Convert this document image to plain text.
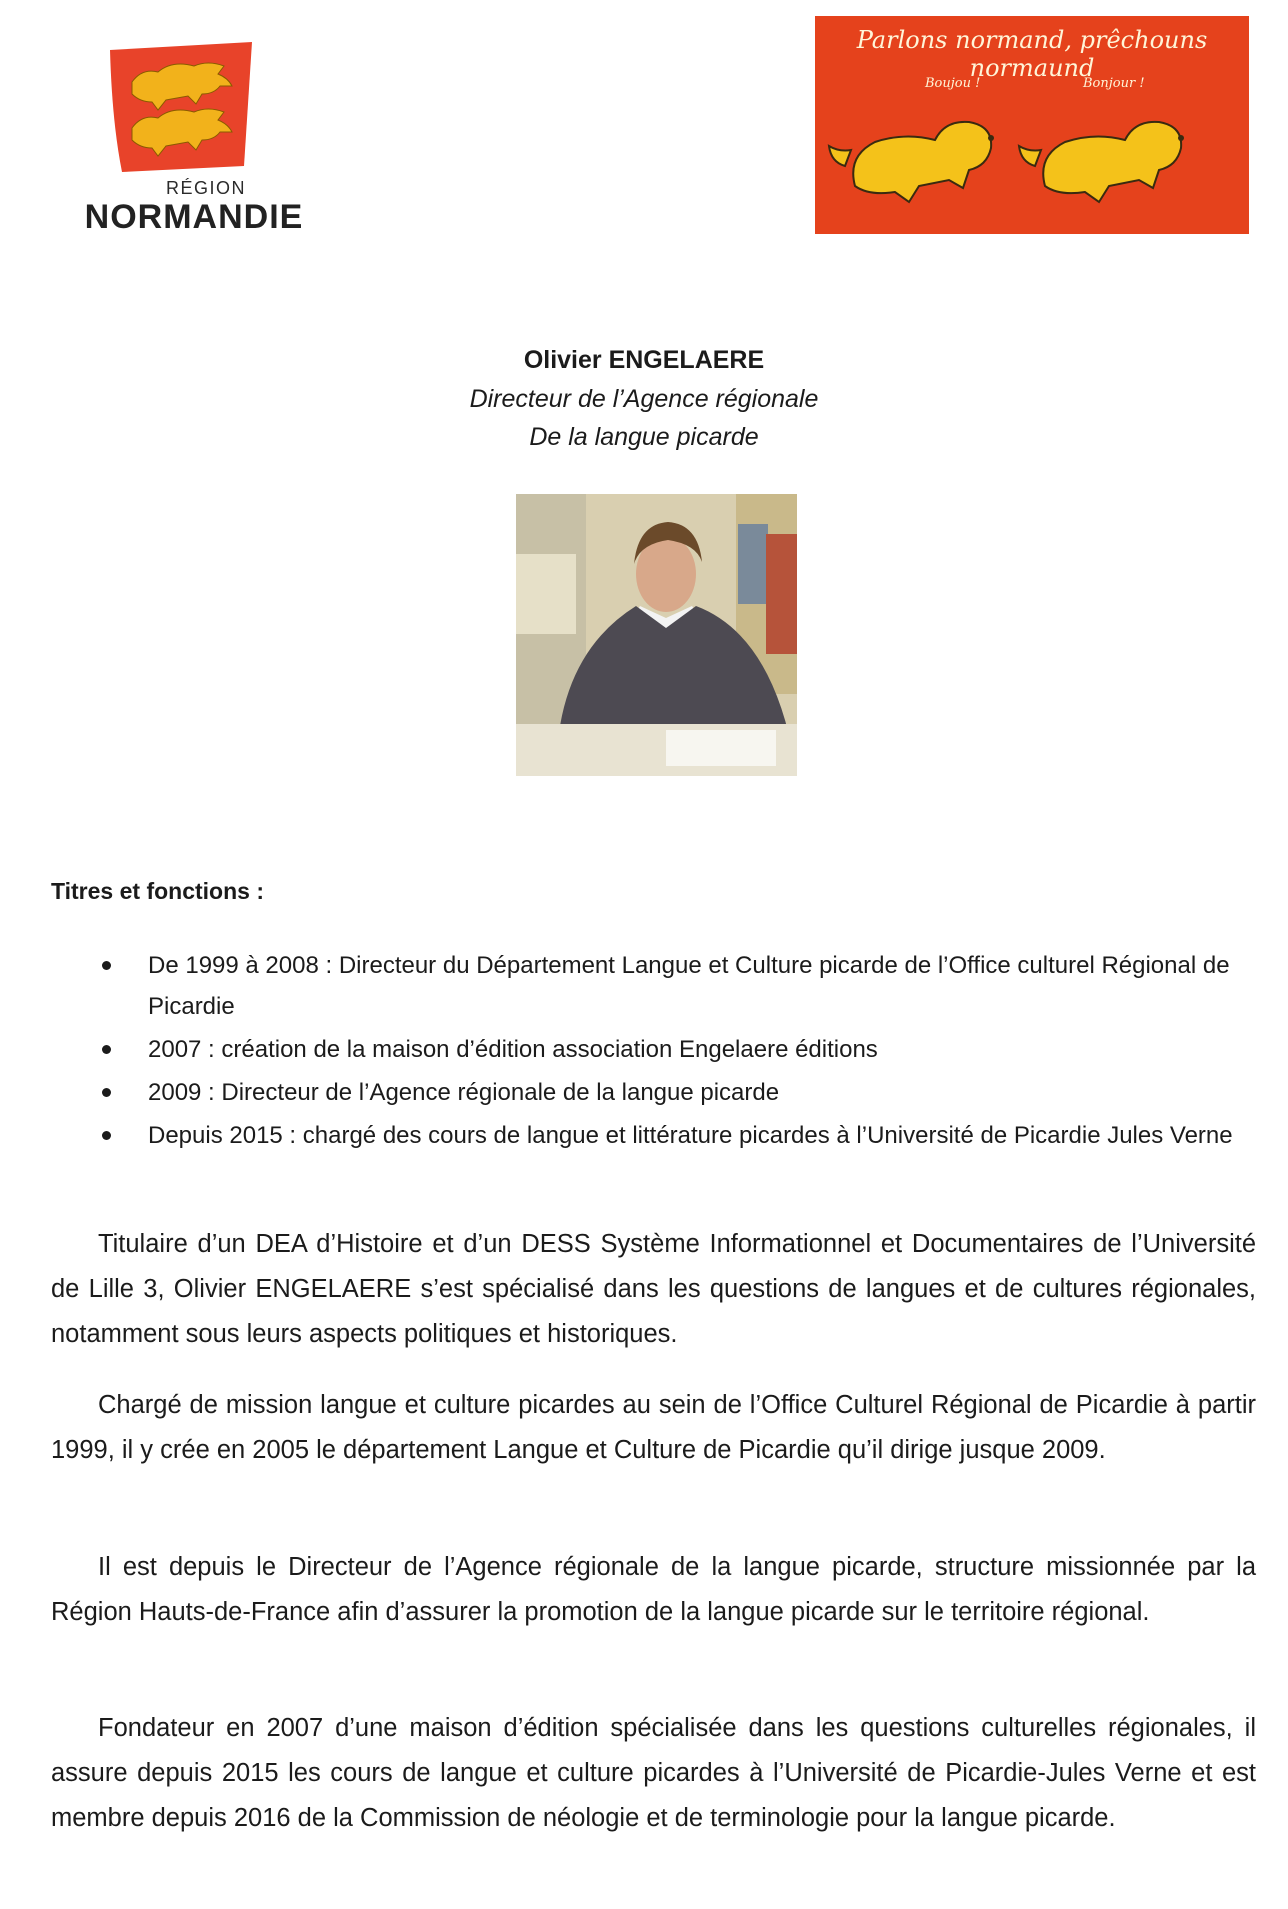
RÉGION
NORMANDIE
Parlons normand, prêchouns normaund
Boujou !	Bonjour !
Olivier ENGELAERE
Directeur de l’Agence régionale
De la langue picarde
Titres et fonctions :
De 1999 à 2008 : Directeur du Département Langue et Culture picarde de l’Office culturel Régional de Picardie
2007 : création de la maison d’édition association Engelaere éditions
2009 : Directeur de l’Agence régionale de la langue picarde
Depuis 2015 : chargé des cours de langue et littérature picardes à l’Université de Picardie Jules Verne

Titulaire d’un DEA d’Histoire et d’un DESS Système Informationnel et Documentaires de l’Université de Lille 3, Olivier ENGELAERE s’est spécialisé dans les questions de langues et de cultures régionales, notamment sous leurs aspects politiques et historiques.

Chargé de mission langue et culture picardes au sein de l’Office Culturel Régional de Picardie à partir 1999, il y crée en 2005 le département Langue et Culture de Picardie qu’il dirige jusque 2009.

Il est depuis le Directeur de l’Agence régionale de la langue picarde, structure missionnée par la Région Hauts-de-France afin d’assurer la promotion de la langue picarde sur le territoire régional.

Fondateur en 2007 d’une maison d’édition spécialisée dans les questions culturelles régionales, il assure depuis 2015 les cours de langue et culture picardes à l’Université de Picardie-Jules Verne et est membre depuis 2016 de la Commission de néologie et de terminologie pour la langue picarde.
